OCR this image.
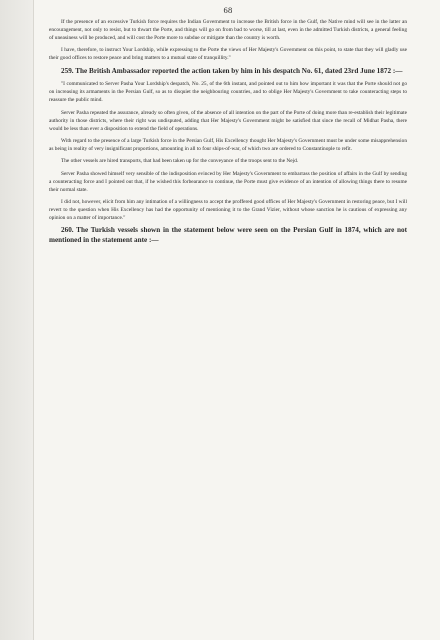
68

If the presence of an excessive Turkish force requires the Indian Government to increase the British force in the Gulf, the Native mind will see in the latter an encouragement, not only to resist, but to thwart the Porte, and things will go on from bad to worse, till at last, even in the admitted Turkish districts, a general feeling of uneasiness will be produced, and will cost the Porte more to subdue or mitigate than the country is worth.

I have, therefore, to instruct Your Lordship, while expressing to the Porte the views of Her Majesty's Government on this point, to state that they will gladly use their good offices to restore peace and bring matters to a mutual state of tranquillity."

259. The British Ambassador reported the action taken by him in his despatch No. 61, dated 23rd June 1872 :—

"I communicated to Server Pasha Your Lordship's despatch, No. 25, of the 6th instant, and pointed out to him how important it was that the Porte should not go on increasing its armaments in the Persian Gulf, so as to disquiet the neighbouring countries, and to oblige Her Majesty's Government to take counteracting steps to reassure the public mind.

Server Pasha repeated the assurance, already so often given, of the absence of all intention on the part of the Porte of doing more than re-establish their legitimate authority in those districts, where their right was undisputed, adding that Her Majesty's Government might be satisfied that since the recall of Midhat Pasha, there would be less than ever a disposition to extend the field of operations.

With regard to the presence of a large Turkish force in the Persian Gulf, His Excellency thought Her Majesty's Government must be under some misapprehension as being in reality of very insignificant proportions, amounting in all to four ships-of-war, of which two are ordered to Constantinople to refit.

The other vessels are hired transports, that had been taken up for the conveyance of the troops sent to the Nejd.

Server Pasha showed himself very sensible of the indisposition evinced by Her Majesty's Government to embarrass the position of affairs in the Gulf by sending a counteracting force and I pointed out that, if he wished this forbearance to continue, the Porte must give evidence of an intention of allowing things there to resume their normal state.

I did not, however, elicit from him any intimation of a willingness to accept the proffered good offices of Her Majesty's Government in restoring peace, but I will revert to the question when His Excellency has had the opportunity of mentioning it to the Grand Vizier, without whose sanction he is cautious of expressing any opinion on a matter of importance."

260. The Turkish vessels shown in the statement below were seen on the Persian Gulf in 1874, which are not mentioned in the statement ante :—
